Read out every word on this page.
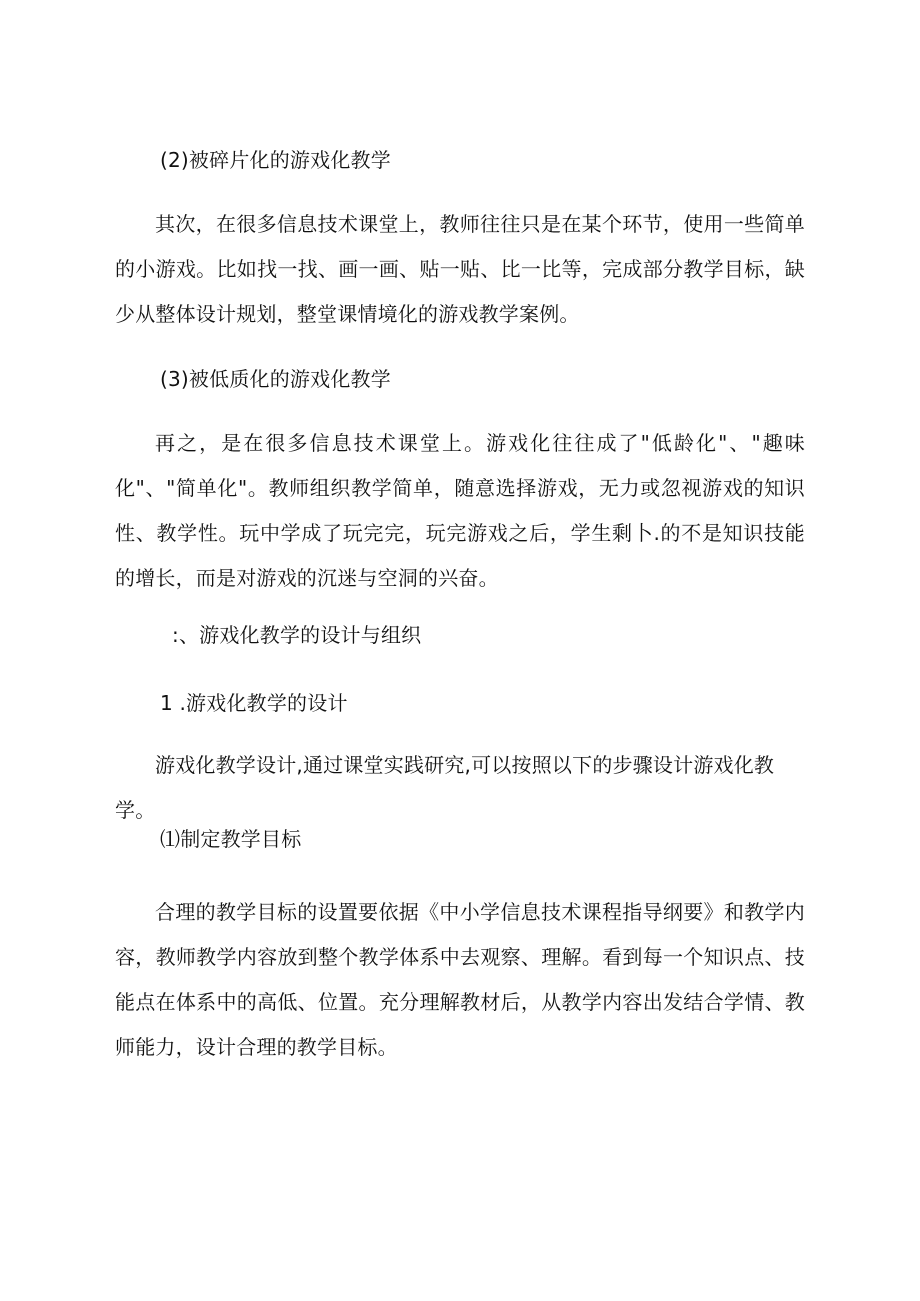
(2)被碎片化的游戏化教学

其次，在很多信息技术课堂上，教师往往只是在某个环节，使用一些简单的小游戏。比如找一找、画一画、贴一贴、比一比等，完成部分教学目标，缺少从整体设计规划，整堂课情境化的游戏教学案例。

(3)被低质化的游戏化教学

再之，是在很多信息技术课堂上。游戏化往往成了"低龄化"、"趣味化"、"简单化"。教师组织教学简单，随意选择游戏，无力或忽视游戏的知识性、教学性。玩中学成了玩完完，玩完游戏之后，学生剩卜.的不是知识技能的增长，而是对游戏的沉迷与空洞的兴奋。

:、游戏化教学的设计与组织

1 .游戏化教学的设计

游戏化教学设计,通过课堂实践研究,可以按照以下的步骤设计游戏化教学。

⑴制定教学目标

合理的教学目标的设置要依据《中小学信息技术课程指导纲要》和教学内容，教师教学内容放到整个教学体系中去观察、理解。看到每一个知识点、技能点在体系中的高低、位置。充分理解教材后，从教学内容出发结合学情、教师能力，设计合理的教学目标。
